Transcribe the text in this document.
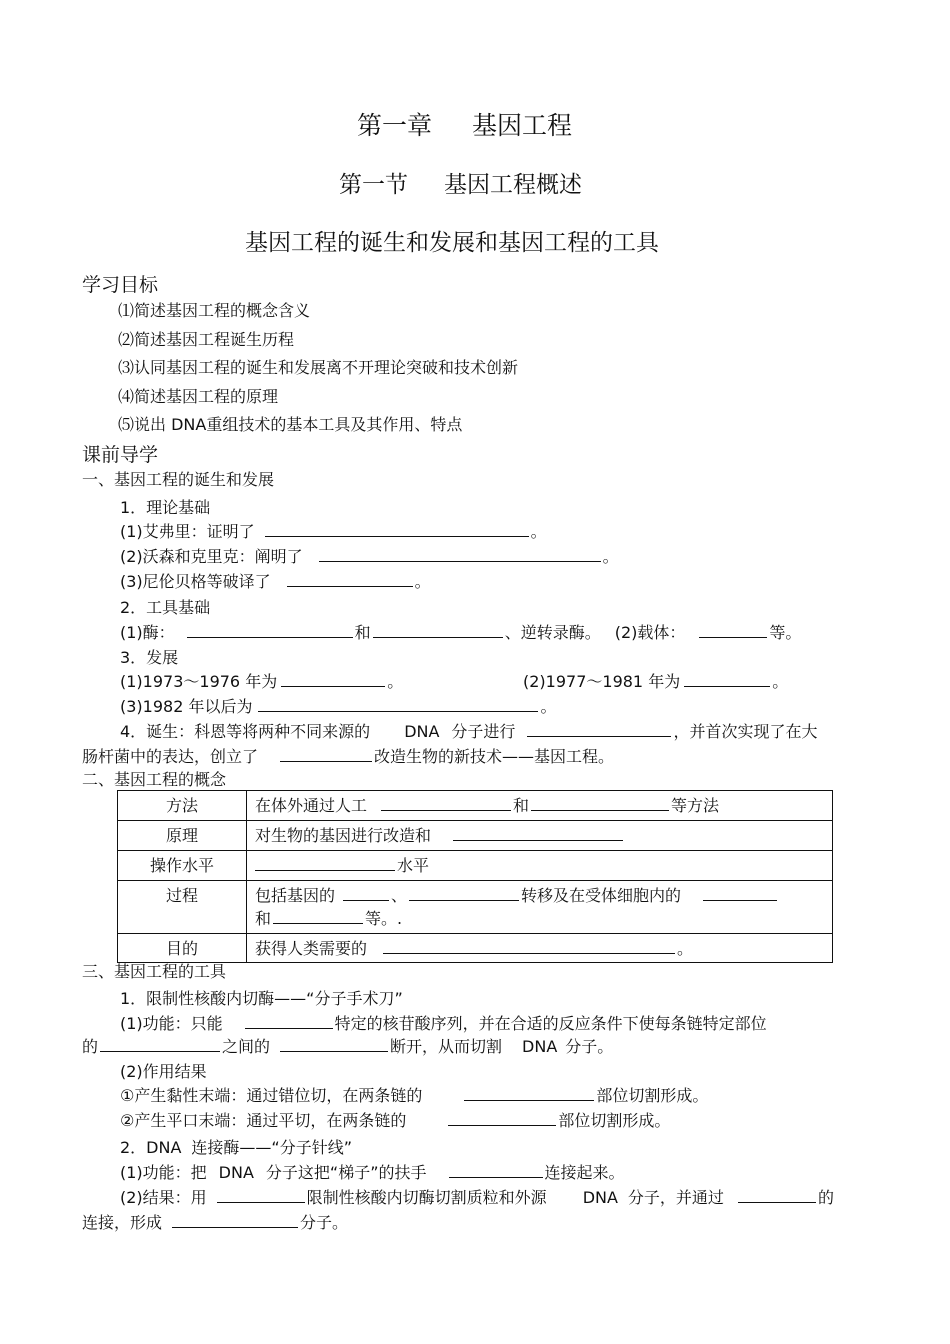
第一章 基因工程
第一节 基因工程概述
基因工程的诞生和发展和基因工程的工具
学习目标
⑴简述基因工程的概念含义
⑵简述基因工程诞生历程
⑶认同基因工程的诞生和发展离不开理论突破和技术创新
⑷简述基因工程的原理
⑸说出 DNA重组技术的基本工具及其作用、特点
课前导学
一、基因工程的诞生和发展
1．理论基础
(1)艾弗里：证明了	。
(2)沃森和克里克：阐明了	。
(3)尼伦贝格等破译了	。
2．工具基础
(1)酶：	和	、逆转录酶。 (2)载体：	等。
3．发展
(1)1973～1976 年为	。	(2)1977～1981 年为	。
(3)1982 年以后为	。
4．诞生：科恩等将两种不同来源的 DNA 分子进行	，并首次实现了在大
肠杆菌中的表达，创立了	改造生物的新技术——基因工程。
二、基因工程的概念
方法	在体外通过人工 和 等方法
原理	对生物的基因进行改造和
操作水平	水平
过程	包括基因的 、 转移及在受体细胞内的
和 等。.
目的	获得人类需要的 。
三、基因工程的工具
1．限制性核酸内切酶——“分子手术刀”
(1)功能：只能	特定的核苷酸序列，并在合适的反应条件下使每条链特定部位
的	之间的	断开，从而切割 DNA 分子。
(2)作用结果
①产生黏性末端：通过错位切，在两条链的	部位切割形成。
②产生平口末端：通过平切，在两条链的	部位切割形成。
2．DNA 连接酶——“分子针线”
(1)功能：把 DNA 分子这把“梯子”的扶手	连接起来。
(2)结果：用	限制性核酸内切酶切割质粒和外源 DNA 分子，并通过	的
连接，形成	分子。
